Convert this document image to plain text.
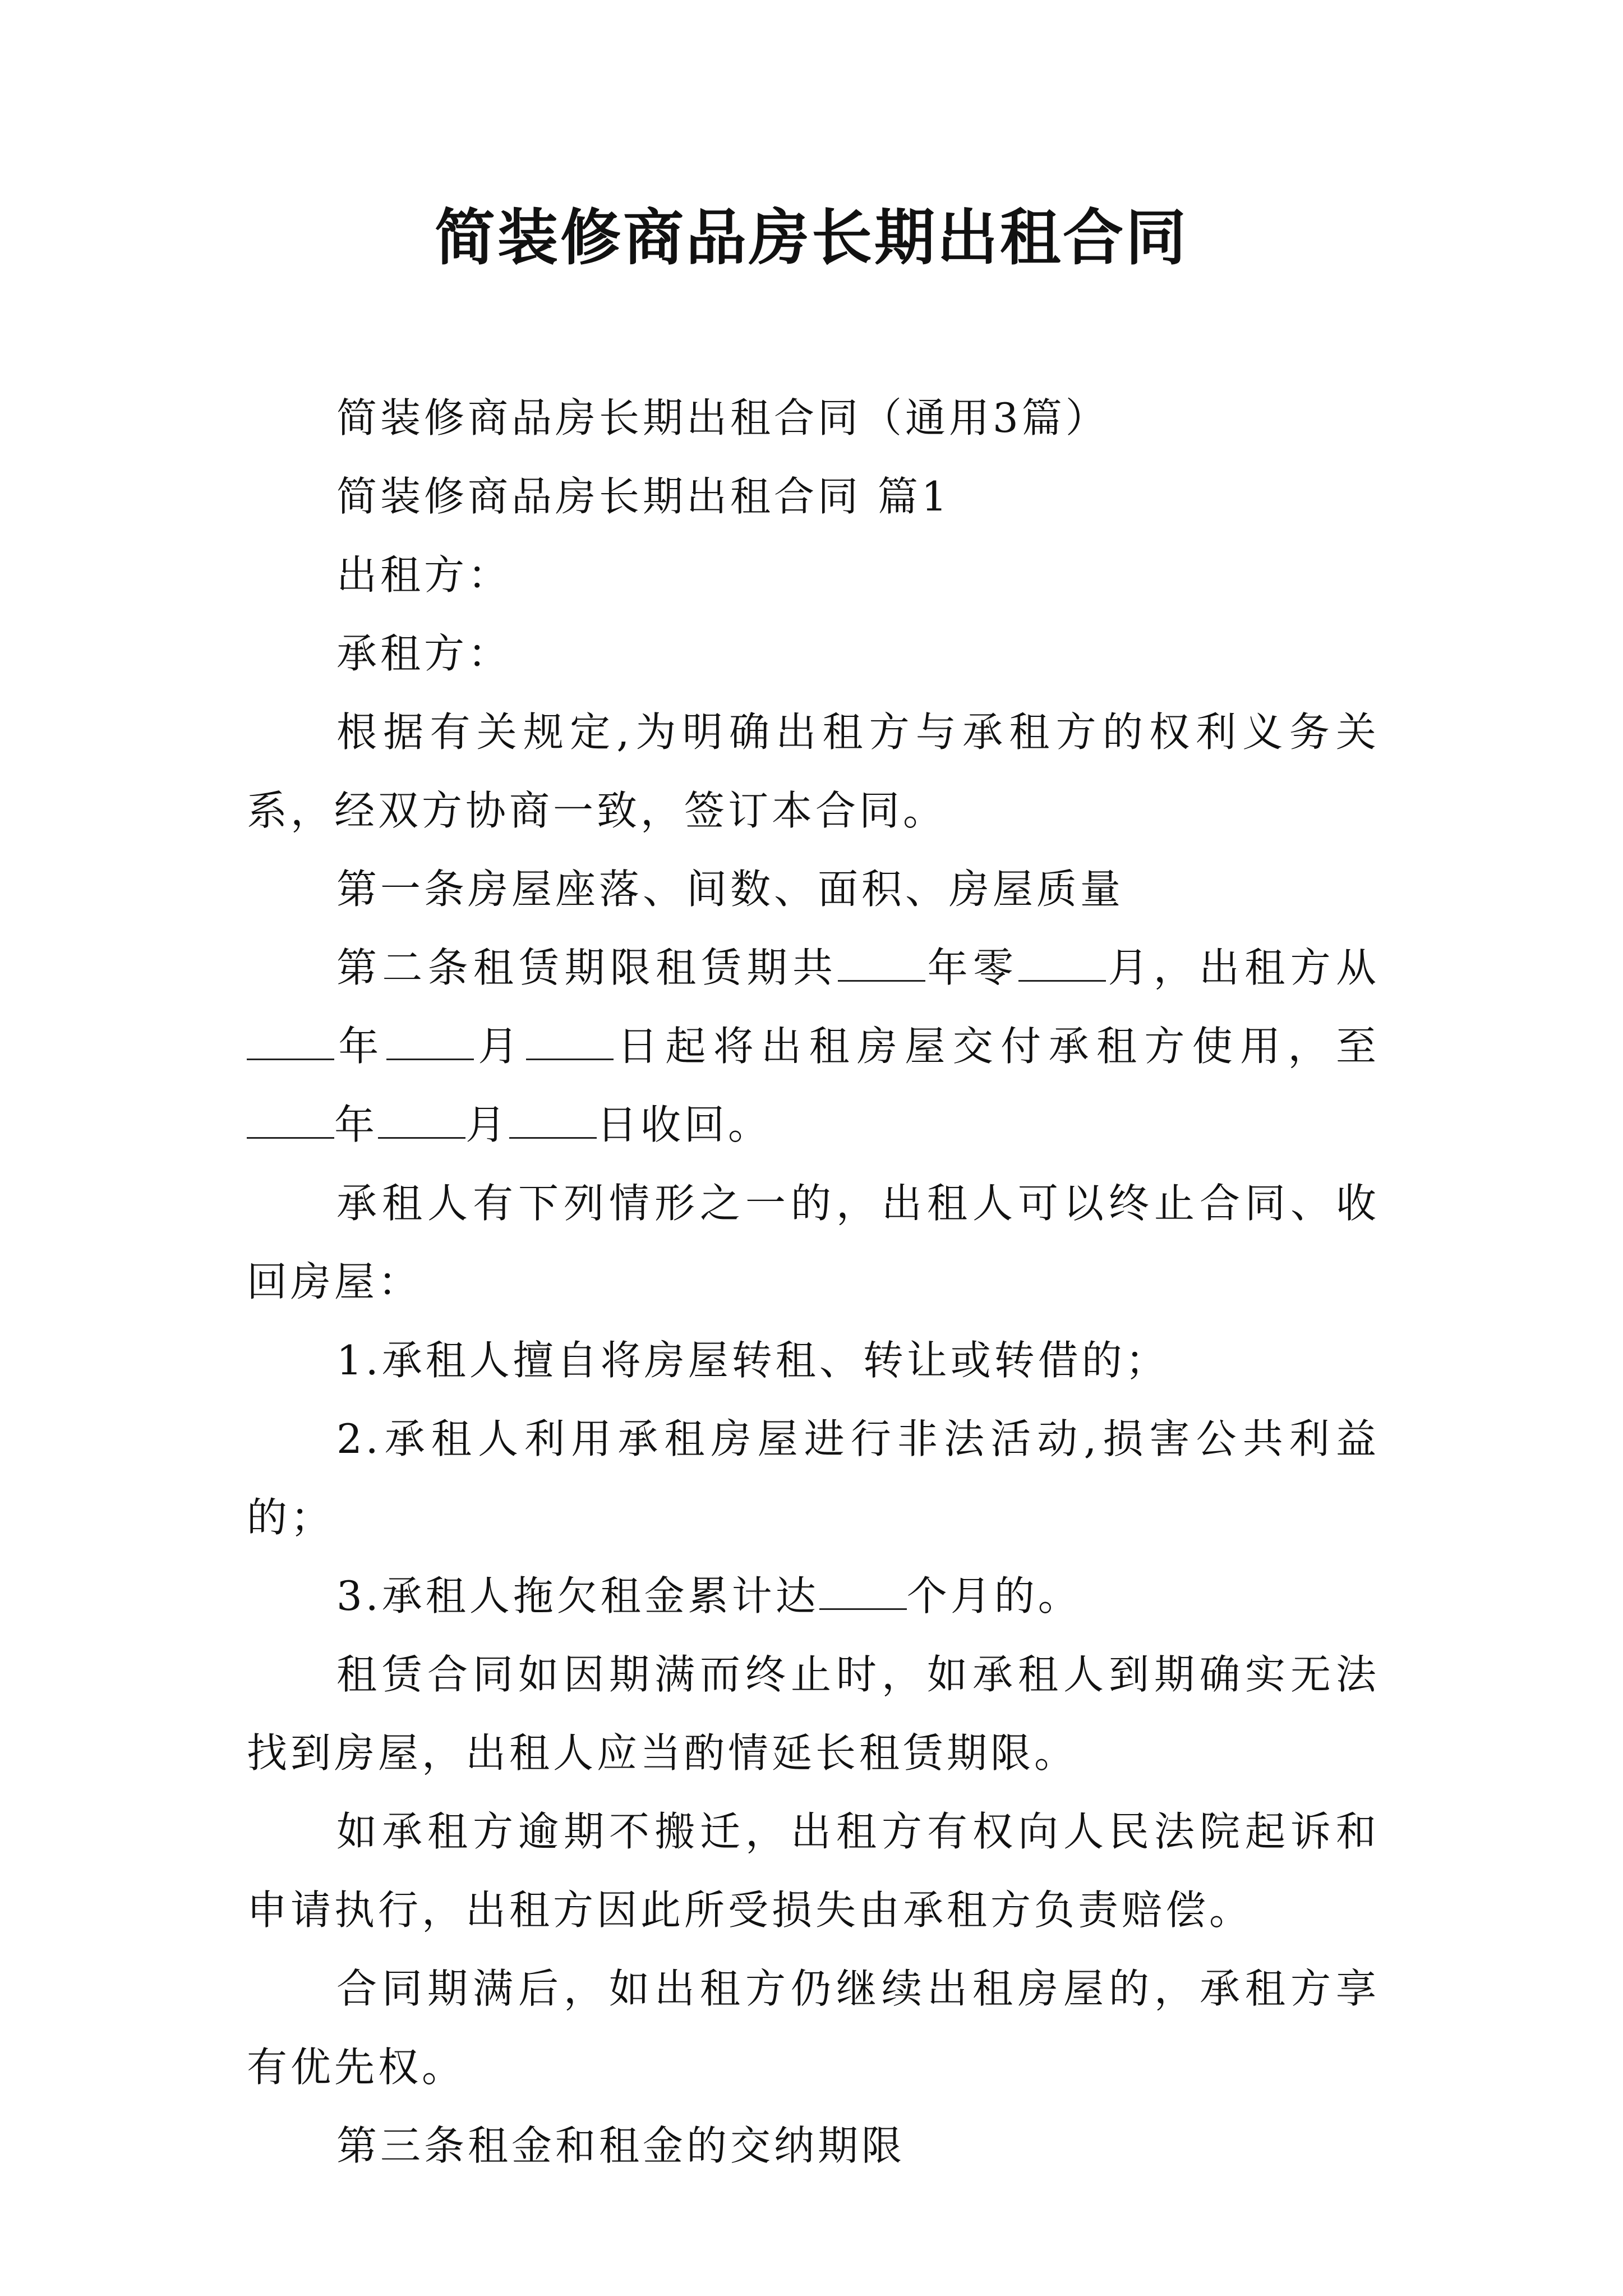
简装修商品房长期出租合同

简装修商品房长期出租合同（通用3篇）

简装修商品房长期出租合同 篇1

出租方：

承租方：

根据有关规定,为明确出租方与承租方的权利义务关系，经双方协商一致，签订本合同。

第一条房屋座落、间数、面积、房屋质量

第二条租赁期限租赁期共 年零 月，出租方从年 月 日起将出租房屋交付承租方使用，至年 月 日收回。

承租人有下列情形之一的，出租人可以终止合同、收回房屋：

1.承租人擅自将房屋转租、转让或转借的；

2.承租人利用承租房屋进行非法活动,损害公共利益的；

3.承租人拖欠租金累计达 个月的。

租赁合同如因期满而终止时，如承租人到期确实无法找到房屋，出租人应当酌情延长租赁期限。

如承租方逾期不搬迁，出租方有权向人民法院起诉和申请执行，出租方因此所受损失由承租方负责赔偿。

合同期满后，如出租方仍继续出租房屋的，承租方享有优先权。

第三条租金和租金的交纳期限
